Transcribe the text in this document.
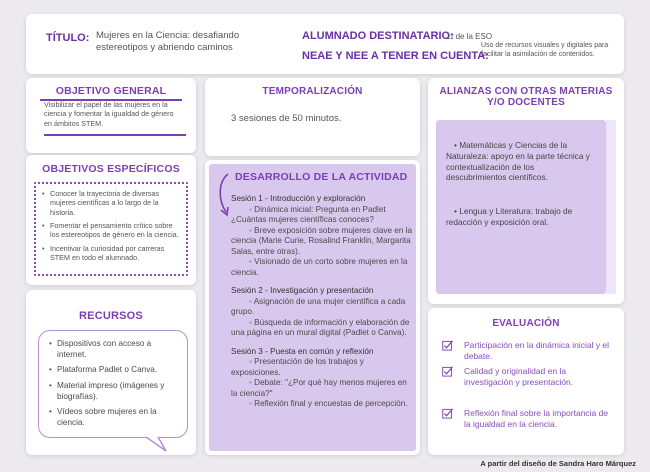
TÍTULO: Mujeres en la Ciencia: desafiando estereotipos y abriendo caminos
ALUMNADO DESTINATARIO:
1º de la ESO
NEAE Y NEE A TENER EN CUENTA:
Uso de recursos visuales y digitales para facilitar la asimilación de contenidos.
OBJETIVO GENERAL
Visibilizar el papel de las mujeres en la ciencia y fomentar la igualdad de género en ámbitos STEM.
OBJETIVOS ESPECÍFICOS
• Conocer la trayectoria de diversas mujeres científicas a lo largo de la historia.
• Fomentar el pensamiento crítico sobre los estereotipos de género en la ciencia.
• Incentivar la curiosidad por carreras STEM en todo el alumnado.
RECURSOS
• Dispositivos con acceso a internet.
• Plataforma Padlet o Canva.
• Material impreso (imágenes y biografías).
• Vídeos sobre mujeres en la ciencia.
TEMPORALIZACIÓN
3 sesiones de 50 minutos.
DESARROLLO DE LA ACTIVIDAD
Sesión 1 - Introducción y exploración
◦ Dinámica inicial: Pregunta en Padlet ¿Cuántas mujeres científicas conoces?
◦ Breve exposición sobre mujeres clave en la ciencia (Marie Curie, Rosalind Franklin, Margarita Salas, entre otras).
◦ Visionado de un corto sobre mujeres en la ciencia.
Sesión 2 - Investigación y presentación
◦ Asignación de una mujer científica a cada grupo.
◦ Búsqueda de información y elaboración de una página en un mural digital (Padlet o Canva).
Sesión 3 - Puesta en común y reflexión
◦ Presentación de los trabajos y exposiciones.
◦ Debate: "¿Por qué hay menos mujeres en la ciencia?"
◦ Reflexión final y encuestas de percepción.
ALIANZAS CON OTRAS MATERIAS Y/O DOCENTES
• Matemáticas y Ciencias de la Naturaleza: apoyo en la parte técnica y contextualización de los descubrimientos científicos.
• Lengua y Literatura: trabajo de redacción y exposición oral.
EVALUACIÓN
Participación en la dinámica inicial y el debate.
Calidad y originalidad en la investigación y presentación.
Reflexión final sobre la importancia de la igualdad en la ciencia.
A partir del diseño de Sandra Haro Márquez
